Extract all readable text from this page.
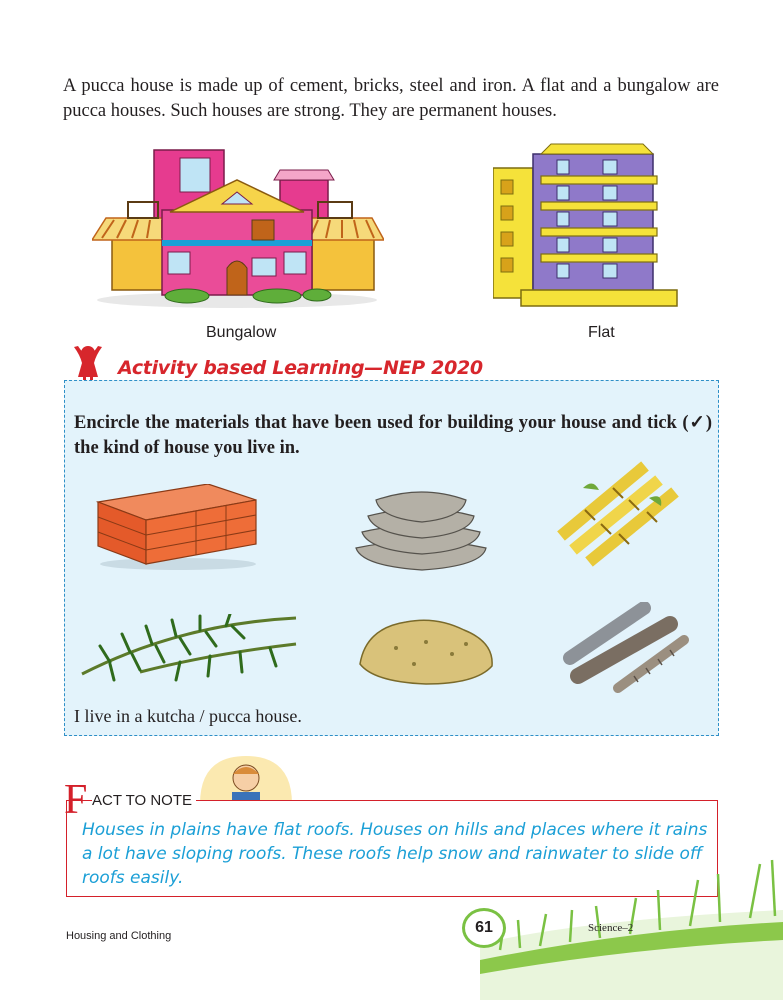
A pucca house is made up of cement, bricks, steel and iron. A flat and a bungalow are pucca houses. Such houses are strong. They are permanent houses.

Bungalow	Flat
Activity based Learning—NEP 2020

Encircle the materials that have been used for building your house and tick (✓) the kind of house you live in.

I live in a kutcha / pucca house.
F ACT TO NOTE

Houses in plains have flat roofs. Houses on hills and places where it rains a lot have sloping roofs. These roofs help snow and rainwater to slide off roofs easily.

61
Housing and Clothing
Science–2
